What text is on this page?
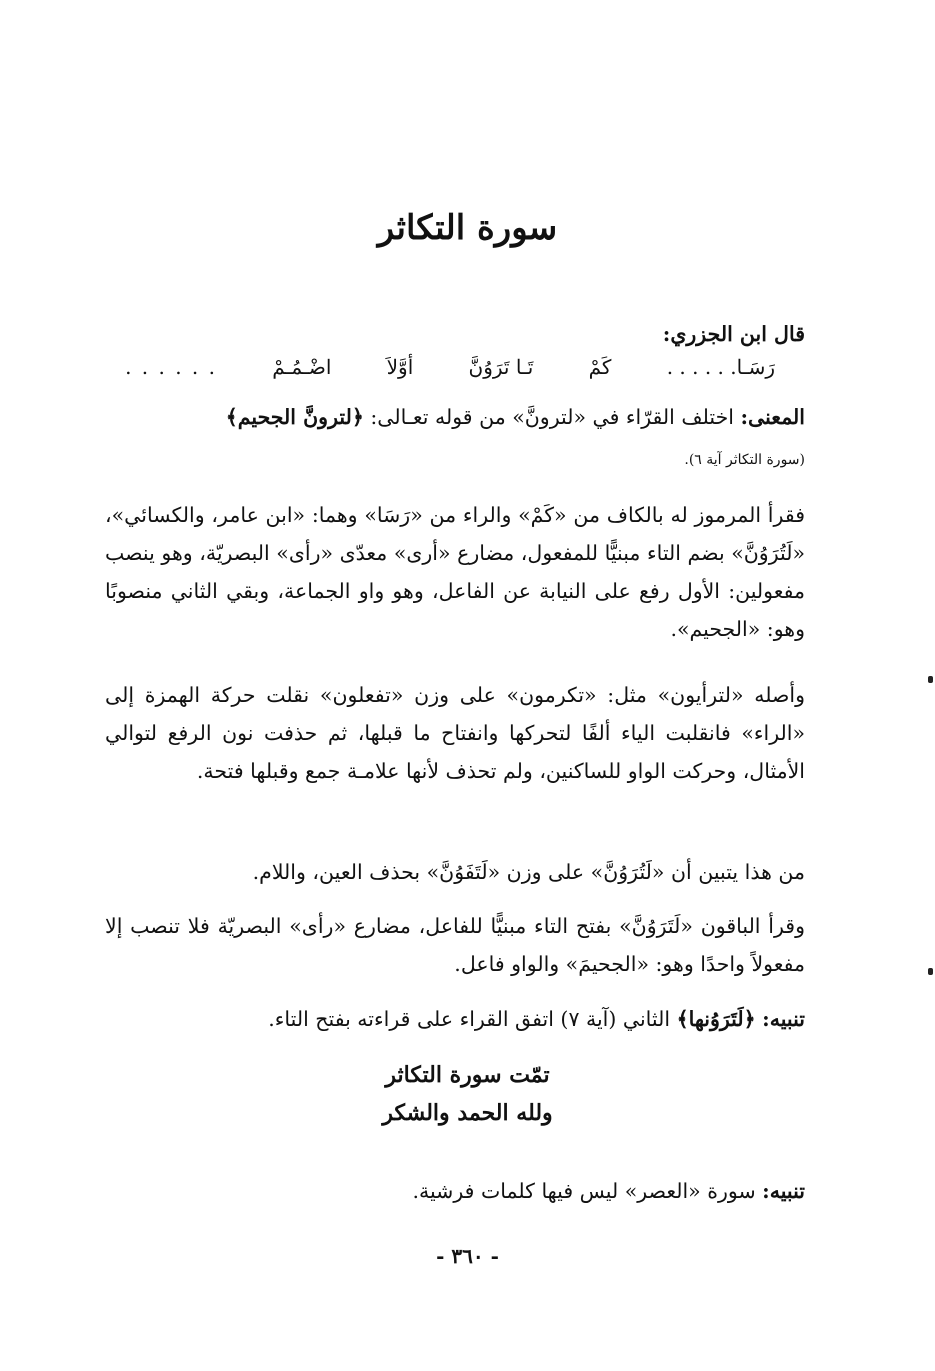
سورة التكاثر
قال ابن الجزري:
رَسَـا. . . . . .
كَمْ
تَـا تَرَوُنَّ
أوَّلاَ
اضْـمُـمْ
. . . . . .
المعنى: اختلف القرّاء في «لترونَّ» من قوله تعـالى: ﴿لترونَّ الجحيم﴾
(سورة التكاثر آية ٦).
فقرأ المرموز له بالكاف من «كَمْ» والراء من «رَسَا» وهما: «ابن عامر، والكسائي»، «لَتُرَوُنَّ» بضم التاء مبنيًّا للمفعول، مضارع «أرى» معدّى «رأى» البصريّة، وهو ينصب مفعولين: الأول رفع على النيابة عن الفاعل، وهو واو الجماعة، وبقي الثاني منصوبًا وهو: «الجحيم».
وأصله «لترأيون» مثل: «تكرمون» على وزن «تفعلون» نقلت حركة الهمزة إلى «الراء» فانقلبت الياء ألفًا لتحركها وانفتاح ما قبلها، ثم حذفت نون الرفع لتوالي الأمثال، وحركت الواو للساكنين، ولم تحذف لأنها علامـة جمع وقبلها فتحة.
من هذا يتبين أن «لَتُرَوُنَّ» على وزن «لَتَفَوُنَّ» بحذف العين، واللام.
وقرأ الباقون «لَتَرَوُنَّ» بفتح التاء مبنيًّا للفاعل، مضارع «رأى» البصريّة فلا تنصب إلا مفعولاً واحدًا وهو: «الجحيمَ» والواو فاعل.
تنبيه: ﴿لَتَرَوُنها﴾ الثاني (آية ٧) اتفق القراء على قراءته بفتح التاء.
تمّت سورة التكاثر
ولله الحمد والشكر
تنبيه: سورة «العصر» ليس فيها كلمات فرشية.
- ٣٦٠ -
